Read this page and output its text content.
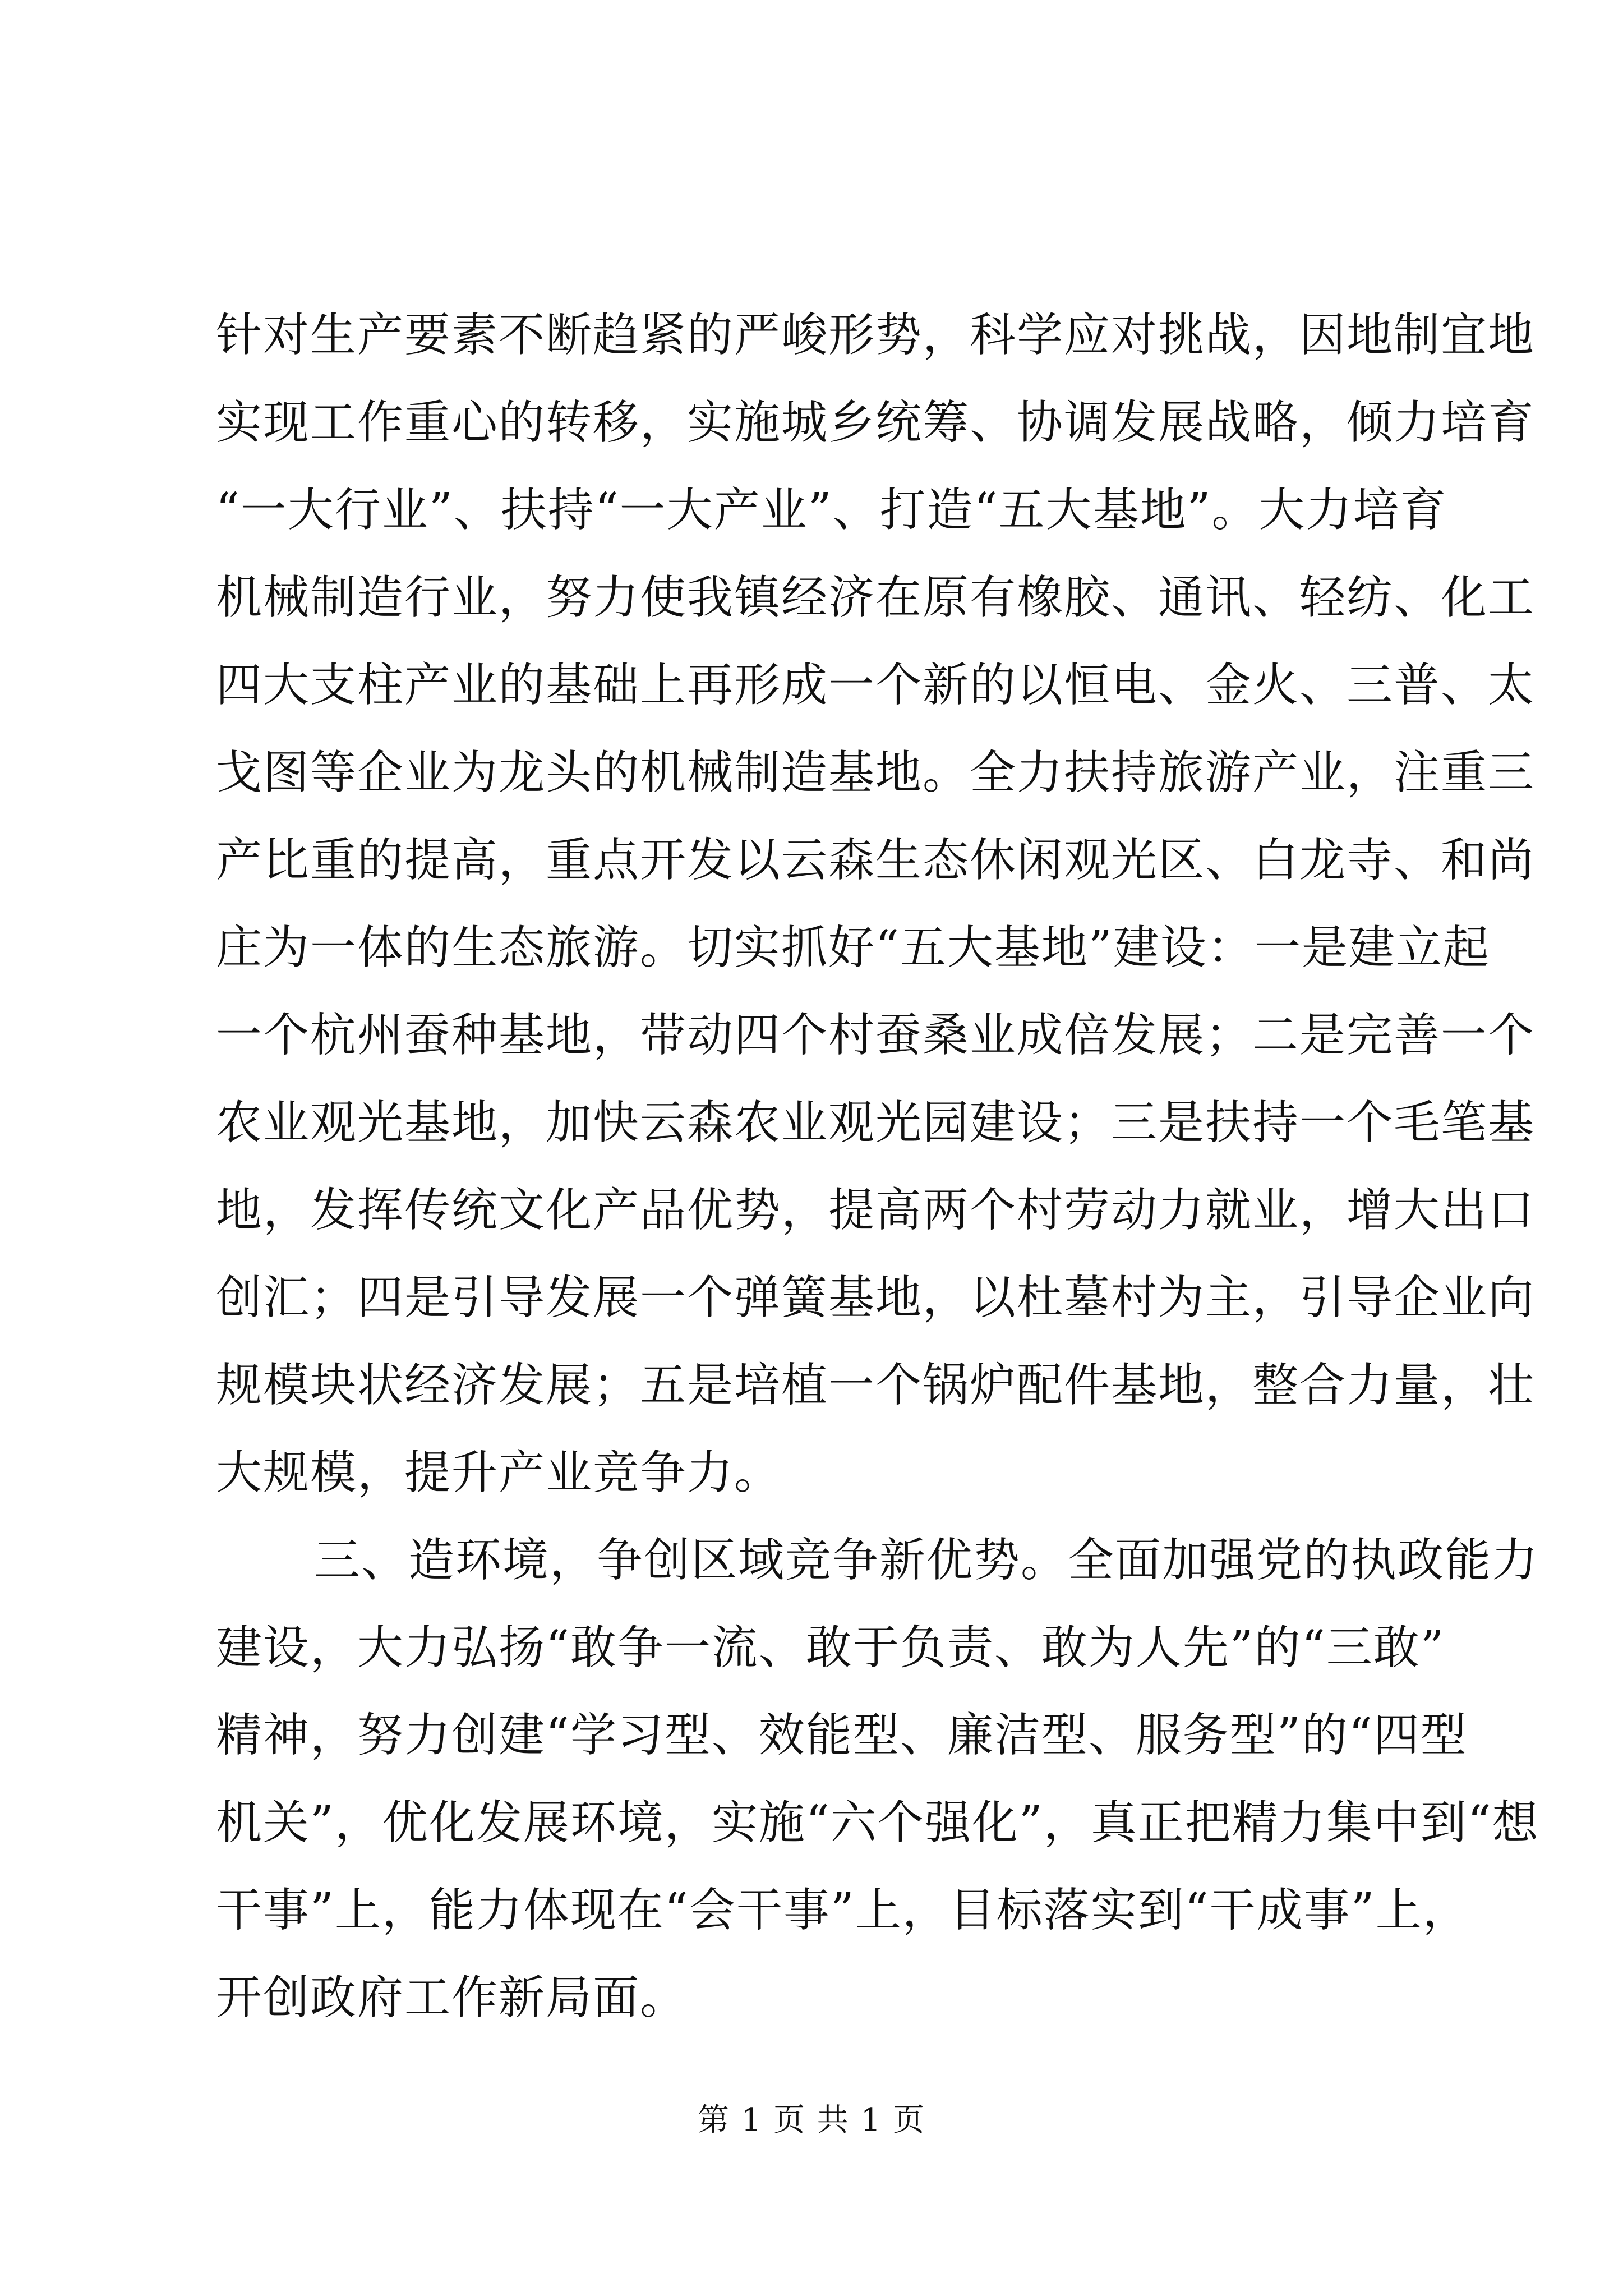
针对生产要素不断趋紧的严峻形势，科学应对挑战，因地制宜地
实现工作重心的转移，实施城乡统筹、协调发展战略，倾力培育
“一大行业”、扶持“一大产业”、打造“五大基地”。大力培育
机械制造行业，努力使我镇经济在原有橡胶、通讯、轻纺、化工
四大支柱产业的基础上再形成一个新的以恒电、金火、三普、太
戈图等企业为龙头的机械制造基地。全力扶持旅游产业，注重三
产比重的提高，重点开发以云森生态休闲观光区、白龙寺、和尚
庄为一体的生态旅游。切实抓好“五大基地”建设：一是建立起
一个杭州蚕种基地，带动四个村蚕桑业成倍发展；二是完善一个
农业观光基地，加快云森农业观光园建设；三是扶持一个毛笔基
地，发挥传统文化产品优势，提高两个村劳动力就业，增大出口
创汇；四是引导发展一个弹簧基地，以杜墓村为主，引导企业向
规模块状经济发展；五是培植一个锅炉配件基地，整合力量，壮
大规模，提升产业竞争力。
三、造环境，争创区域竞争新优势。全面加强党的执政能力
建设，大力弘扬“敢争一流、敢于负责、敢为人先”的“三敢”
精神，努力创建“学习型、效能型、廉洁型、服务型”的“四型
机关”，优化发展环境，实施“六个强化”，真正把精力集中到“想
干事”上，能力体现在“会干事”上，目标落实到“干成事”上，
开创政府工作新局面。
第 1 页 共 1 页
